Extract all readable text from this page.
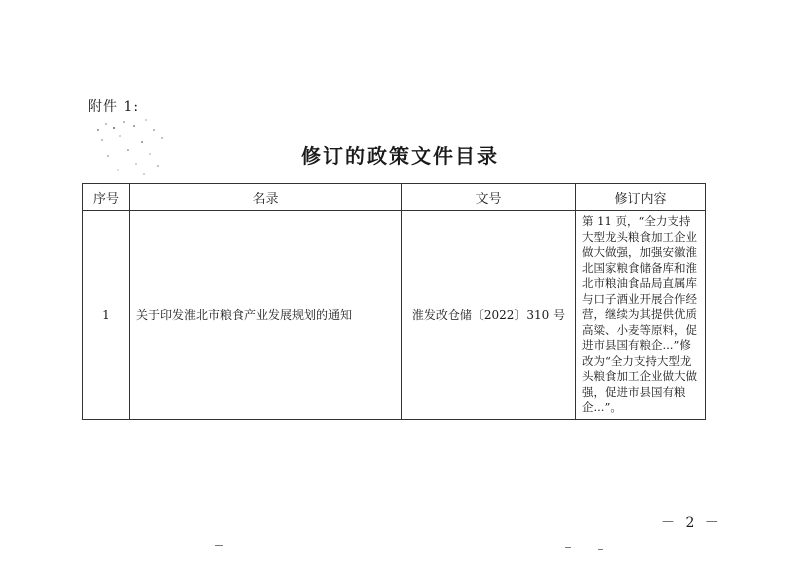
附件 1:
修订的政策文件目录
序号	名录	文号	修订内容
1	关于印发淮北市粮食产业发展规划的通知	淮发改仓储〔2022〕310 号	第 11 页，“全力支持大型龙头粮食加工企业做大做强，加强安徽淮北国家粮食储备库和淮北市粮油食品局直属库与口子酒业开展合作经营，继续为其提供优质高粱、小麦等原料，促进市县国有粮企...”修改为“全力支持大型龙头粮食加工企业做大做强，促进市县国有粮企...”。
－ 2 －
